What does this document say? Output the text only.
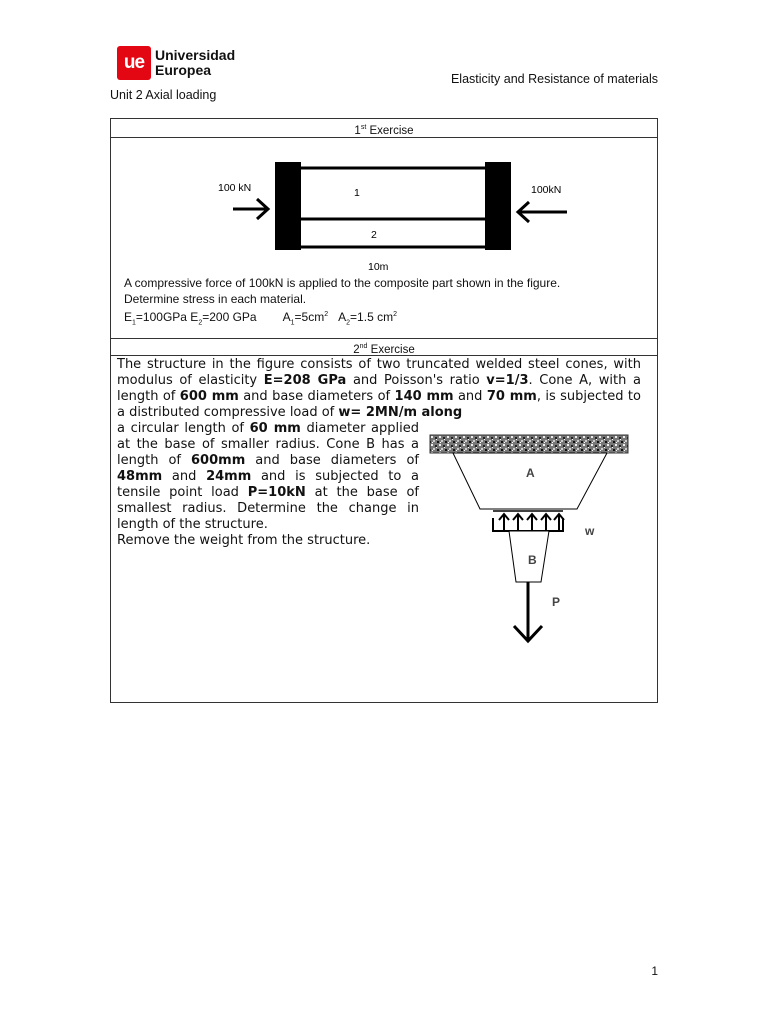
ue Universidad
Europea
Elasticity and Resistance of materials
Unit 2 Axial loading
1st Exercise
100 kN	100kN
1
2
10m
A compressive force of 100kN is applied to the composite part shown in the figure.
Determine stress in each material.
$E_1=100GPa$ $E_2=200$ GPa $A_1=5cm^2$ $A_2=1.5$ $cm^2$
2nd Exercise
The structure in the figure consists of two truncated welded steel cones, with modulus of elasticity E=208 GPa and Poisson's ratio v=1/3. Cone A, with a length of 600 mm and base diameters of 140 mm and 70 mm, is subjected to a distributed compressive load of w= 2MN/m along
a circular length of 60 mm diameter applied at the base of smaller radius. Cone B has a length of 600mm and base diameters of 48mm and 24mm and is subjected to a tensile point load P=10kN at the base of smallest radius. Determine the change in length of the structure.
Remove the weight from the structure.
A
B
w
P
1
